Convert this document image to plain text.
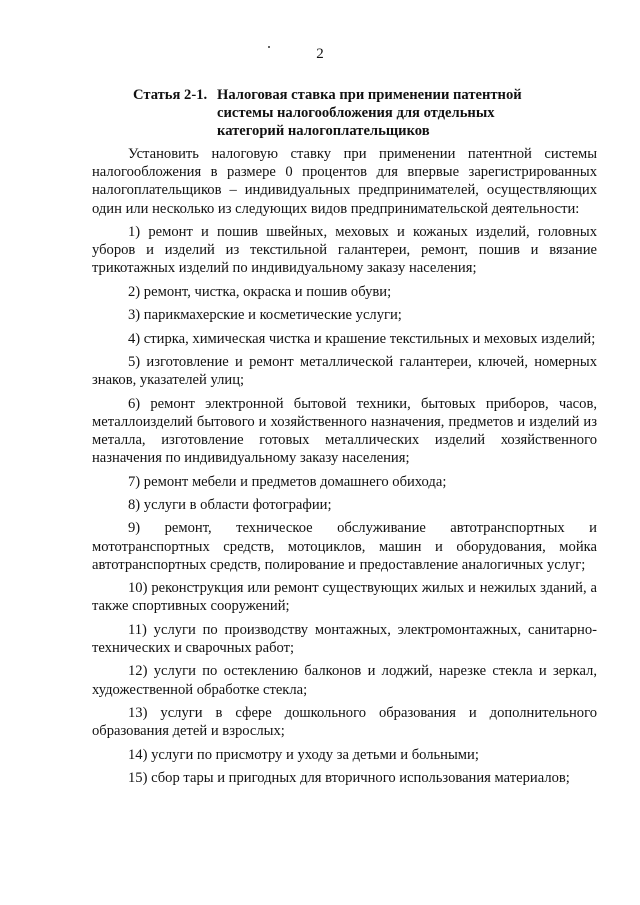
2
Статья 2-1. Налоговая ставка при применении патентной
системы налогообложения для отдельных
категорий налогоплательщиков

Установить налоговую ставку при применении патентной системы налогообложения в размере 0 процентов для впервые зарегистрированных налогоплательщиков – индивидуальных предпринимателей, осуществляющих один или несколько из следующих видов предпринимательской деятельности:

1) ремонт и пошив швейных, меховых и кожаных изделий, головных уборов и изделий из текстильной галантереи, ремонт, пошив и вязание трикотажных изделий по индивидуальному заказу населения;

2) ремонт, чистка, окраска и пошив обуви;

3) парикмахерские и косметические услуги;

4) стирка, химическая чистка и крашение текстильных и меховых изделий;

5) изготовление и ремонт металлической галантереи, ключей, номерных знаков, указателей улиц;

6) ремонт электронной бытовой техники, бытовых приборов, часов, металлоизделий бытового и хозяйственного назначения, предметов и изделий из металла, изготовление готовых металлических изделий хозяйственного назначения по индивидуальному заказу населения;

7) ремонт мебели и предметов домашнего обихода;

8) услуги в области фотографии;

9) ремонт, техническое обслуживание автотранспортных и мототранспортных средств, мотоциклов, машин и оборудования, мойка автотранспортных средств, полирование и предоставление аналогичных услуг;

10) реконструкция или ремонт существующих жилых и нежилых зданий, а также спортивных сооружений;

11) услуги по производству монтажных, электромонтажных, санитарно-технических и сварочных работ;

12) услуги по остеклению балконов и лоджий, нарезке стекла и зеркал, художественной обработке стекла;

13) услуги в сфере дошкольного образования и дополнительного образования детей и взрослых;

14) услуги по присмотру и уходу за детьми и больными;

15) сбор тары и пригодных для вторичного использования материалов;
